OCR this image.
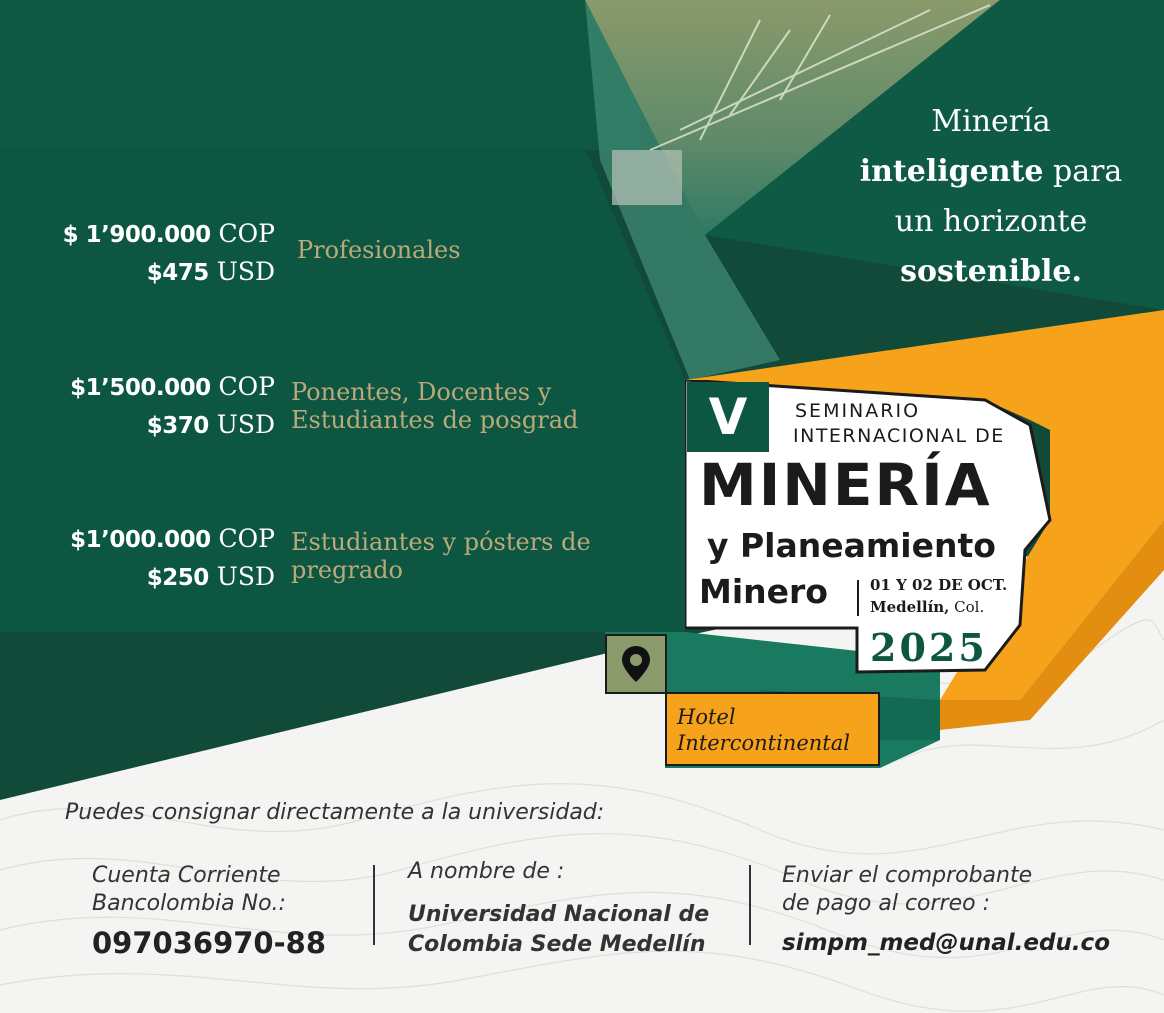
Minería
inteligente para
un horizonte
sostenible.
$ 1’900.000 COP
$475 USD
Profesionales
$1’500.000 COP
$370 USD
Ponentes, Docentes y
Estudiantes de posgrad
$1’000.000 COP
$250 USD
Estudiantes y pósters de
pregrado
V	SEMINARIO
INTERNACIONAL DE
MINERÍA
y Planeamiento
Minero	01 Y 02 DE OCT.
Medellín, Col.
2025
Hotel
Intercontinental
Puedes consignar directamente a la universidad:
Cuenta Corriente
Bancolombia No.:
097036970-88
A nombre de :
Universidad Nacional de
Colombia Sede Medellín
Enviar el comprobante
de pago al correo :
simpm_med@unal.edu.co
